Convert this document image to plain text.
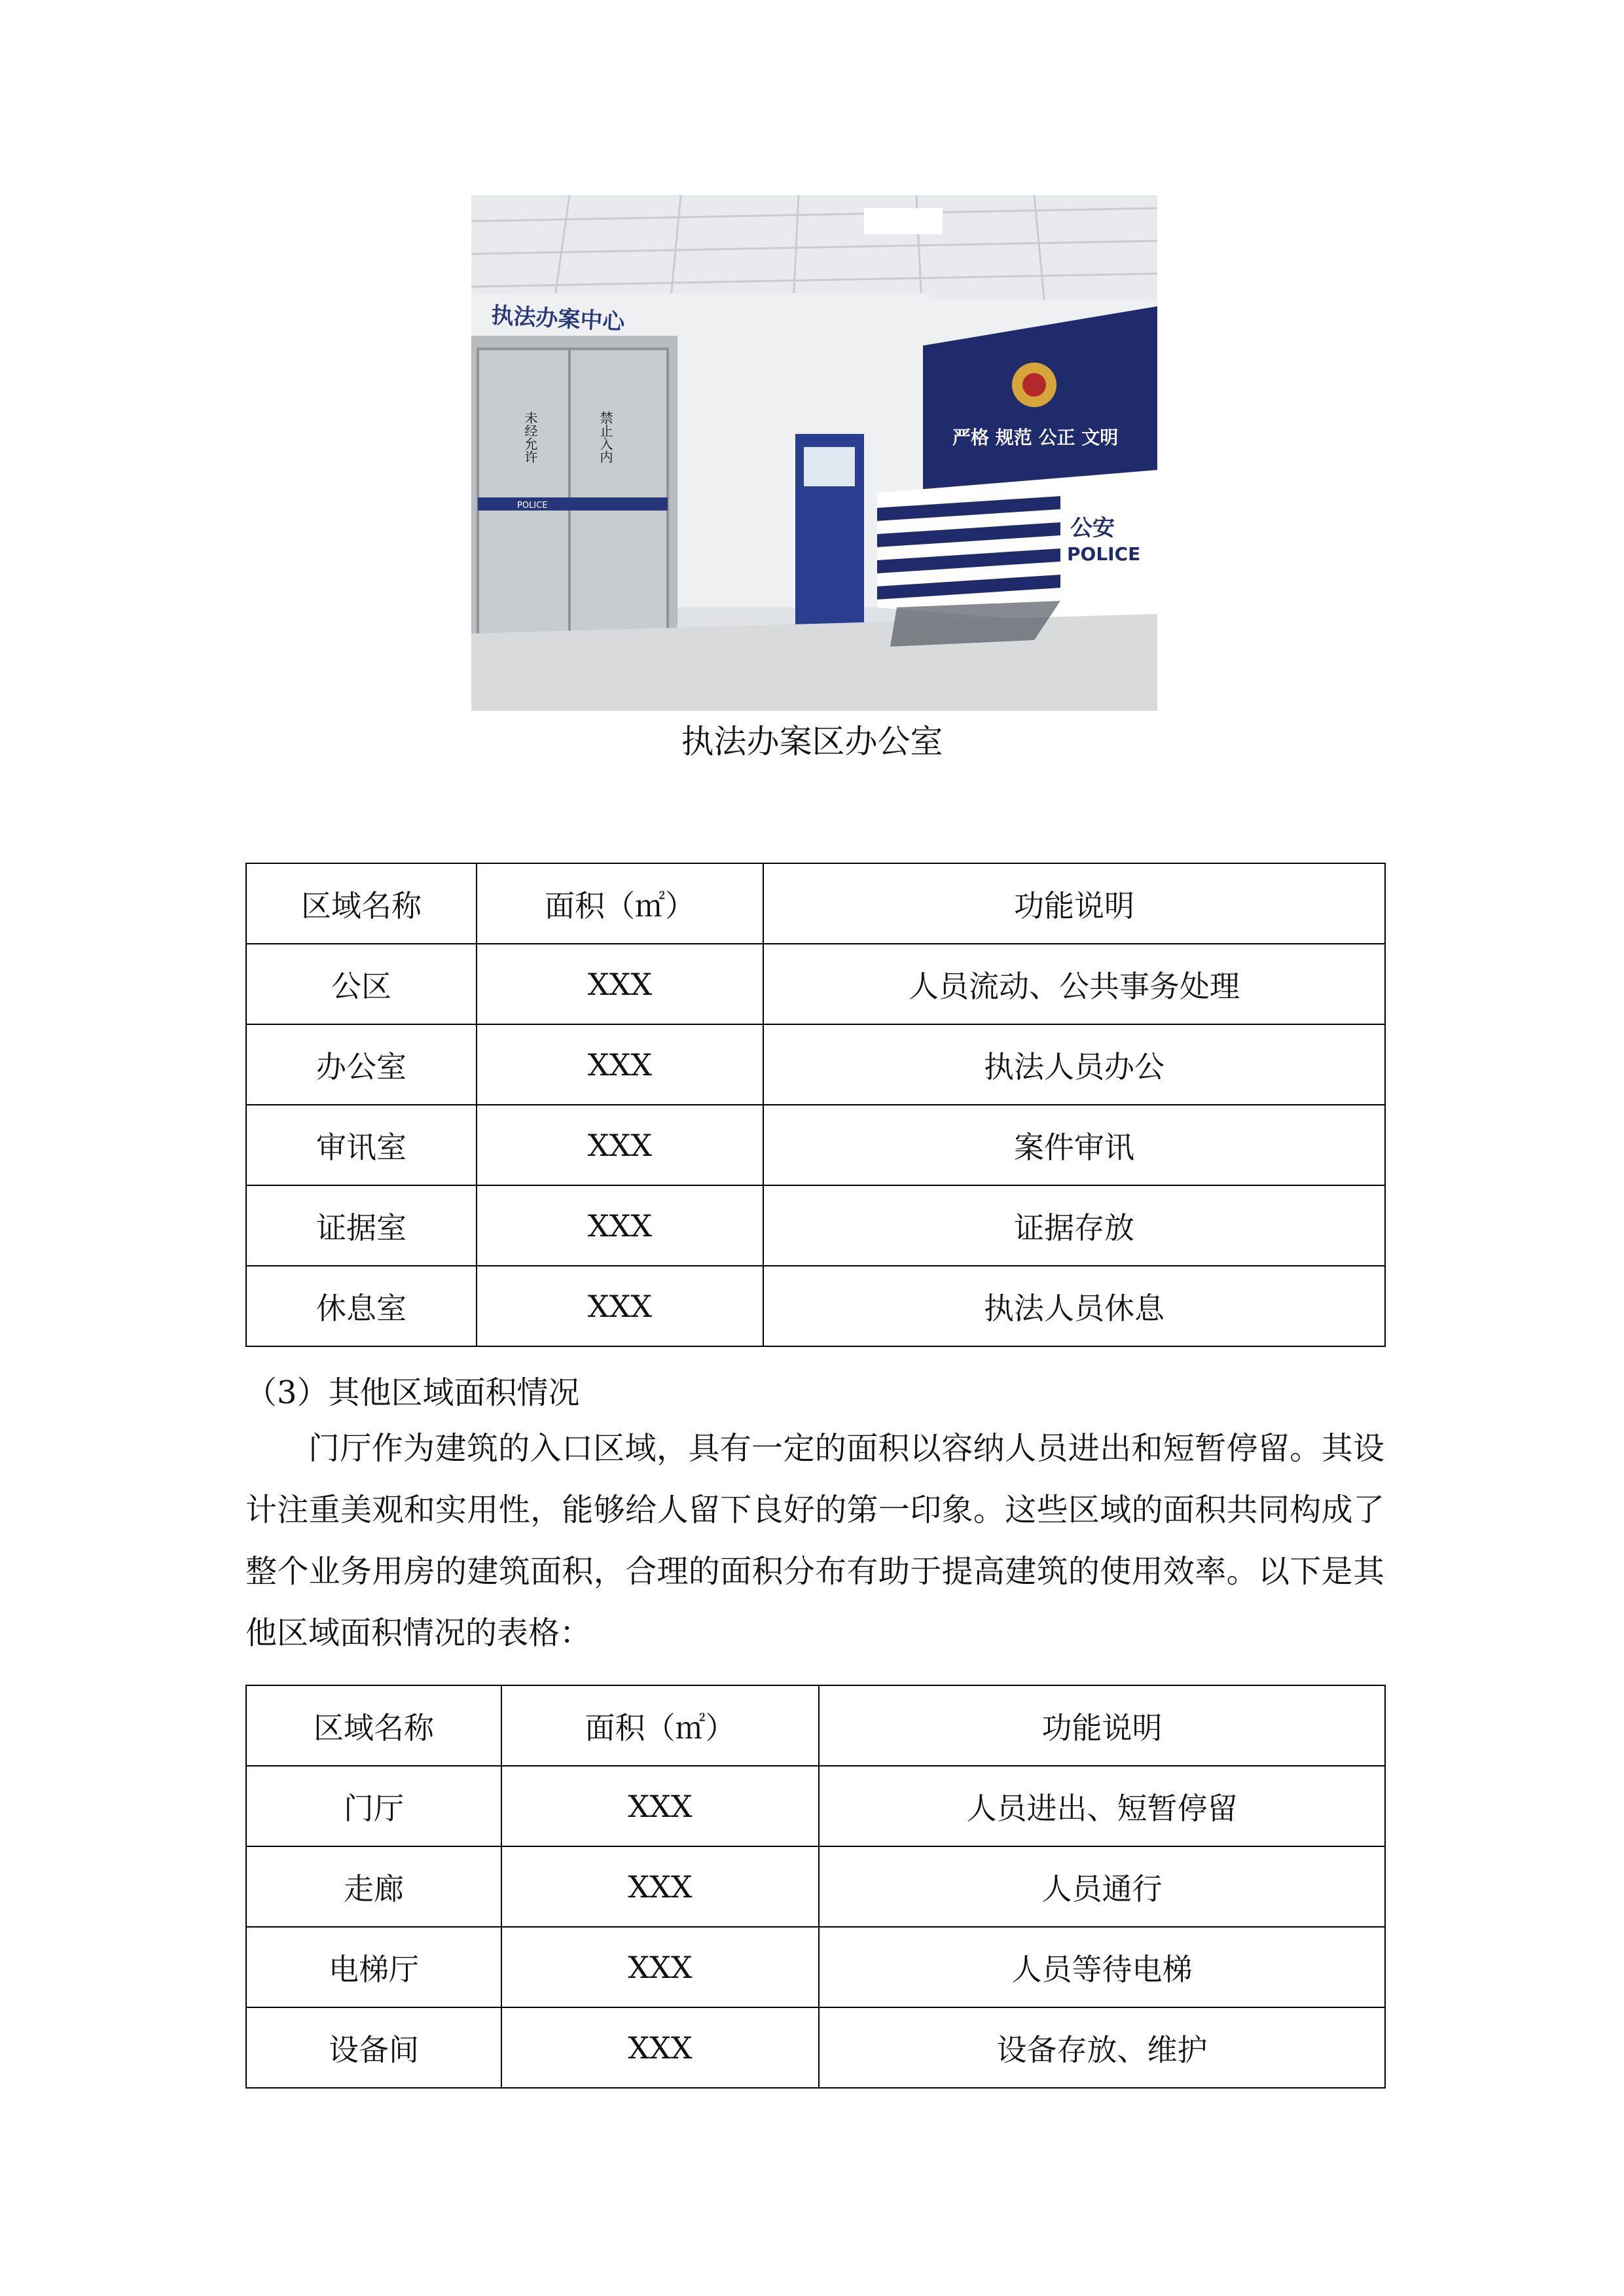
执法办案中心
未经允许	禁止入内
POLICE
严格 规范 公正 文明
公安
POLICE
执法办案区办公室
区域名称	面积（㎡）	功能说明
公区	XXX	人员流动、公共事务处理
办公室	XXX	执法人员办公
审讯室	XXX	案件审讯
证据室	XXX	证据存放
休息室	XXX	执法人员休息
（3）其他区域面积情况
门厅作为建筑的入口区域，具有一定的面积以容纳人员进出和短暂停留。其设计注重美观和实用性，能够给人留下良好的第一印象。这些区域的面积共同构成了整个业务用房的建筑面积，合理的面积分布有助于提高建筑的使用效率。以下是其他区域面积情况的表格：
区域名称	面积（㎡）	功能说明
门厅	XXX	人员进出、短暂停留
走廊	XXX	人员通行
电梯厅	XXX	人员等待电梯
设备间	XXX	设备存放、维护
